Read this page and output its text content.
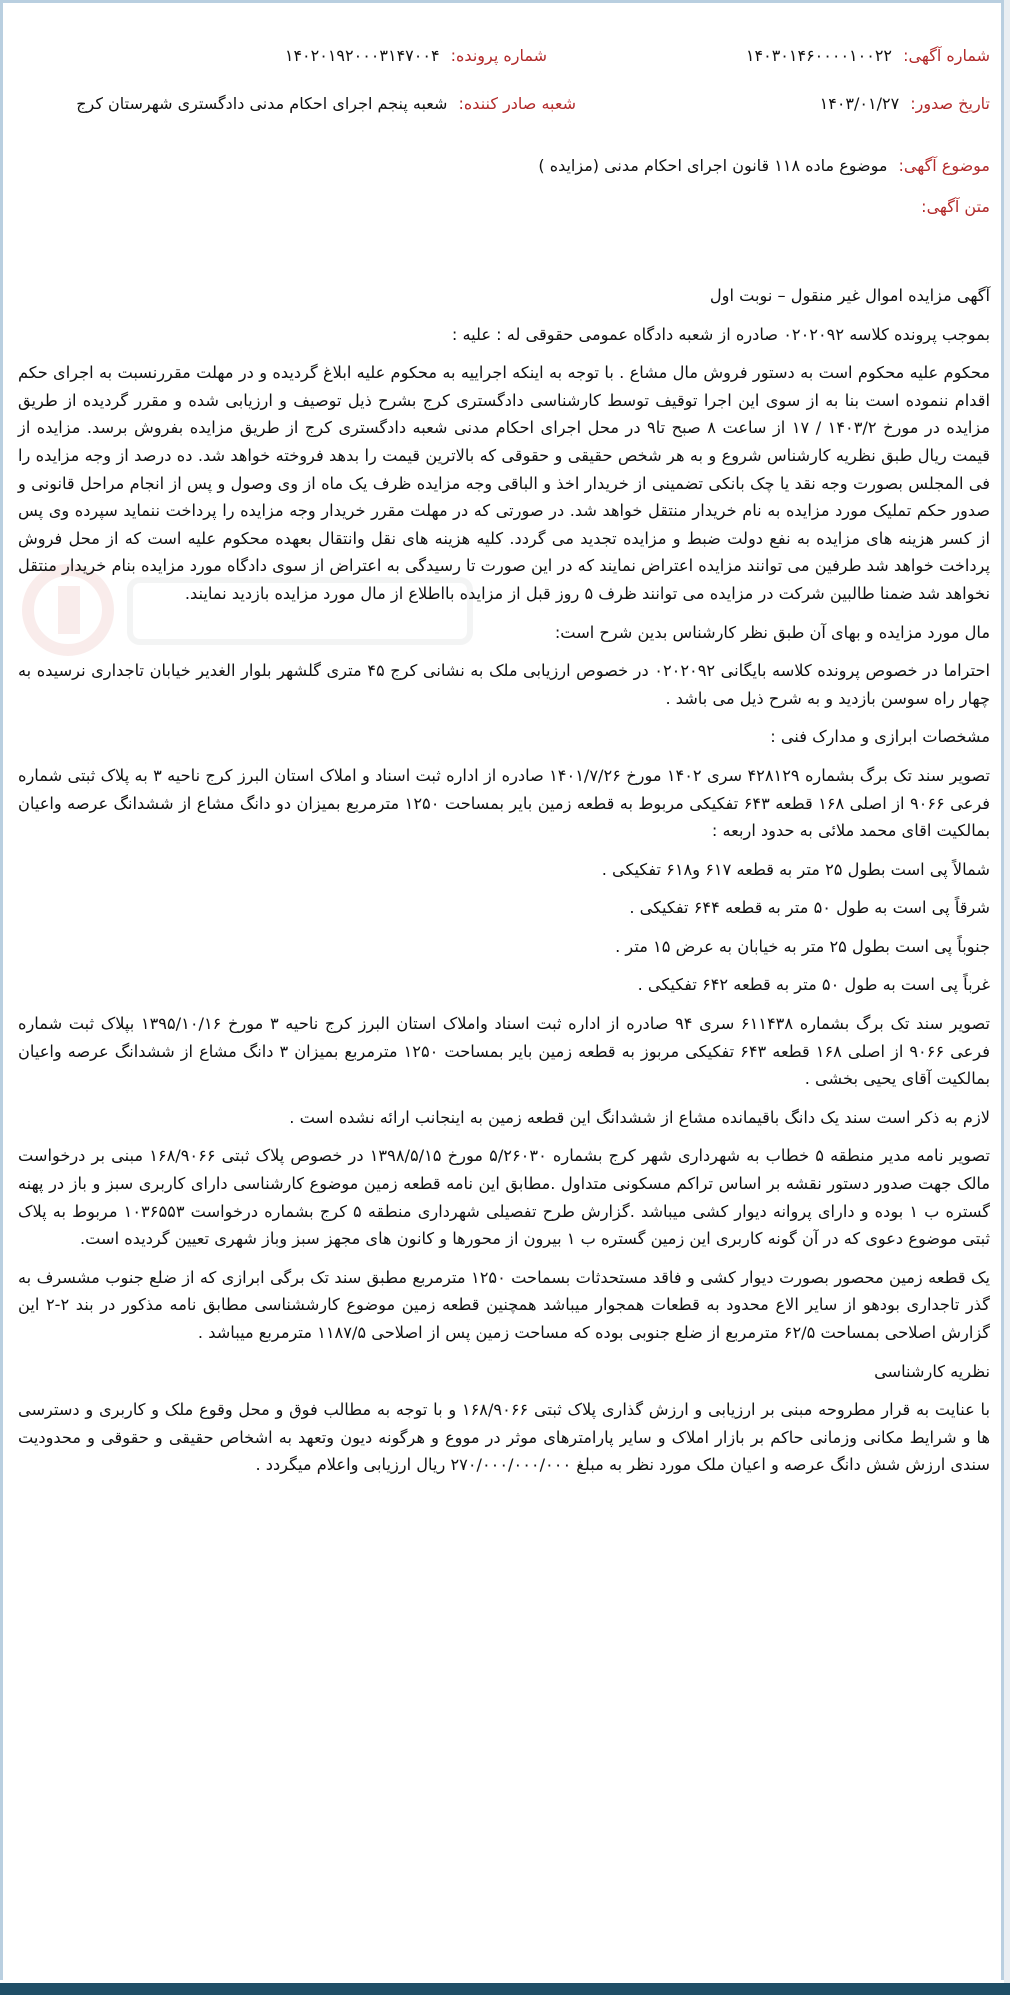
شماره آگهی: ۱۴۰۳۰۱۴۶۰۰۰۰۱۰۰۲۲
شماره پرونده: ۱۴۰۲۰۱۹۲۰۰۰۳۱۴۷۰۰۴
تاریخ صدور: ۱۴۰۳/۰۱/۲۷
شعبه صادر کننده: شعبه پنجم اجرای احکام مدنی دادگستری شهرستان کرج
موضوع آگهی: موضوع ماده ۱۱۸ قانون اجرای احکام مدنی (مزایده )
متن آگهی:

آگهی مزایده اموال غیر منقول – نوبت اول

بموجب پرونده کلاسه ۰۲۰۲۰۹۲ صادره از شعبه دادگاه عمومی حقوقی له : علیه :

محکوم علیه محکوم است به دستور فروش مال مشاع . با توجه به اینکه اجراییه به محکوم علیه ابلاغ گردیده و در مهلت مقررنسبت به اجرای حکم اقدام ننموده است بنا به از سوی این اجرا توقیف توسط کارشناسی دادگستری کرج بشرح ذیل توصیف و ارزیابی شده و مقرر گردیده از طریق مزایده در مورخ ۱۴۰۳/۲ / ۱۷ از ساعت ۸ صبح تا۹ در محل اجرای احکام مدنی شعبه دادگستری کرج از طریق مزایده بفروش برسد. مزایده از قیمت ریال طبق نظریه کارشناس شروع و به هر شخص حقیقی و حقوقی که بالاترین قیمت را بدهد فروخته خواهد شد. ده درصد از وجه مزایده را فی المجلس بصورت وجه نقد یا چک بانکی تضمینی از خریدار اخذ و الباقی وجه مزایده ظرف یک ماه از وی وصول و پس از انجام مراحل قانونی و صدور حکم تملیک مورد مزایده به نام خریدار منتقل خواهد شد. در صورتی که در مهلت مقرر خریدار وجه مزایده را پرداخت ننماید سپرده وی پس از کسر هزینه های مزایده به نفع دولت ضبط و مزایده تجدید می گردد. کلیه هزینه های نقل وانتقال بعهده محکوم علیه است که از محل فروش پرداخت خواهد شد طرفین می توانند مزایده اعتراض نمایند که در این صورت تا رسیدگی به اعتراض از سوی دادگاه مورد مزایده بنام خریدار منتقل نخواهد شد ضمنا طالبین شرکت در مزایده می توانند ظرف ۵ روز قبل از مزایده بااطلاع از مال مورد مزایده بازدید نمایند.

مال مورد مزایده و بهای آن طبق نظر کارشناس بدین شرح است:

احتراما در خصوص پرونده کلاسه بایگانی ۰۲۰۲۰۹۲ در خصوص ارزیابی ملک به نشانی کرج ۴۵ متری گلشهر بلوار الغدیر خیابان تاجداری نرسیده به چهار راه سوسن بازدید و به شرح ذیل می باشد .

مشخصات ابرازی و مدارک فنی :

تصویر سند تک برگ بشماره ۴۲۸۱۲۹ سری ۱۴۰۲ مورخ ۱۴۰۱/۷/۲۶ صادره از اداره ثبت اسناد و املاک استان البرز کرج ناحیه ۳ به پلاک ثبتی شماره فرعی ۹۰۶۶ از اصلی ۱۶۸ قطعه ۶۴۳ تفکیکی مربوط به قطعه زمین بایر بمساحت ۱۲۵۰ مترمربع بمیزان دو دانگ مشاع از ششدانگ عرصه واعیان بمالکیت اقای محمد ملائی به حدود اربعه :

شمالاً پی است بطول ۲۵ متر به قطعه ۶۱۷ و۶۱۸ تفکیکی .

شرقاً پی است به طول ۵۰ متر به قطعه ۶۴۴ تفکیکی .

جنوباً پی است بطول ۲۵ متر به خیابان به عرض ۱۵ متر .

غرباً پی است به طول ۵۰ متر به قطعه ۶۴۲ تفکیکی .

تصویر سند تک برگ بشماره ۶۱۱۴۳۸ سری ۹۴ صادره از اداره ثبت اسناد واملاک استان البرز کرج ناحیه ۳ مورخ ۱۳۹۵/۱۰/۱۶ بپلاک ثبت شماره فرعی ۹۰۶۶ از اصلی ۱۶۸ قطعه ۶۴۳ تفکیکی مربوز به قطعه زمین بایر بمساحت ۱۲۵۰ مترمربع بمیزان ۳ دانگ مشاع از ششدانگ عرصه واعیان بمالکیت آقای یحیی بخشی .

لازم به ذکر است سند یک دانگ باقیمانده مشاع از ششدانگ این قطعه زمین به اینجانب ارائه نشده است .

تصویر نامه مدیر منطقه ۵ خطاب به شهرداری شهر کرج بشماره ۵/۲۶۰۳۰ مورخ ۱۳۹۸/۵/۱۵ در خصوص پلاک ثبتی ۱۶۸/۹۰۶۶ مبنی بر درخواست مالک جهت صدور دستور نقشه بر اساس تراکم مسکونی متداول .مطابق این نامه قطعه زمین موضوع کارشناسی دارای کاربری سبز و باز در پهنه گستره ب ۱ بوده و دارای پروانه دیوار کشی میباشد .گزارش طرح تفصیلی شهرداری منطقه ۵ کرج بشماره درخواست ۱۰۳۶۵۵۳ مربوط به پلاک ثبتی موضوع دعوی که در آن گونه کاربری این زمین گستره ب ۱ بیرون از محورها و کانون های مجهز سبز وباز شهری تعیین گردیده است.

یک قطعه زمین محصور بصورت دیوار کشی و فاقد مستحدثات بسماحت ۱۲۵۰ مترمربع مطبق سند تک برگی ابرازی که از ضلع جنوب مشسرف به گذر تاجداری بودهو از سایر الاع محدود به قطعات همجوار میباشد همچنین قطعه زمین موضوع کارششناسی مطابق نامه مذکور در بند ۲-۲ این گزارش اصلاحی بمساحت ۶۲/۵ مترمربع از ضلع جنوبی بوده که مساحت زمین پس از اصلاحی ۱۱۸۷/۵ مترمربع میباشد .

نظریه کارشناسی

با عنایت به قرار مطروحه مبنی بر ارزیابی و ارزش گذاری پلاک ثبتی ۱۶۸/۹۰۶۶ و با توجه به مطالب فوق و محل وقوع ملک و کاربری و دسترسی ها و شرایط مکانی وزمانی حاکم بر بازار املاک و سایر پارامترهای موثر در مووع و هرگونه دیون وتعهد به اشخاص حقیقی و حقوقی و محدودیت سندی ارزش شش دانگ عرصه و اعیان ملک مورد نظر به مبلغ ۲۷۰/۰۰۰/۰۰۰/۰۰۰ ریال ارزیابی واعلام میگردد .
